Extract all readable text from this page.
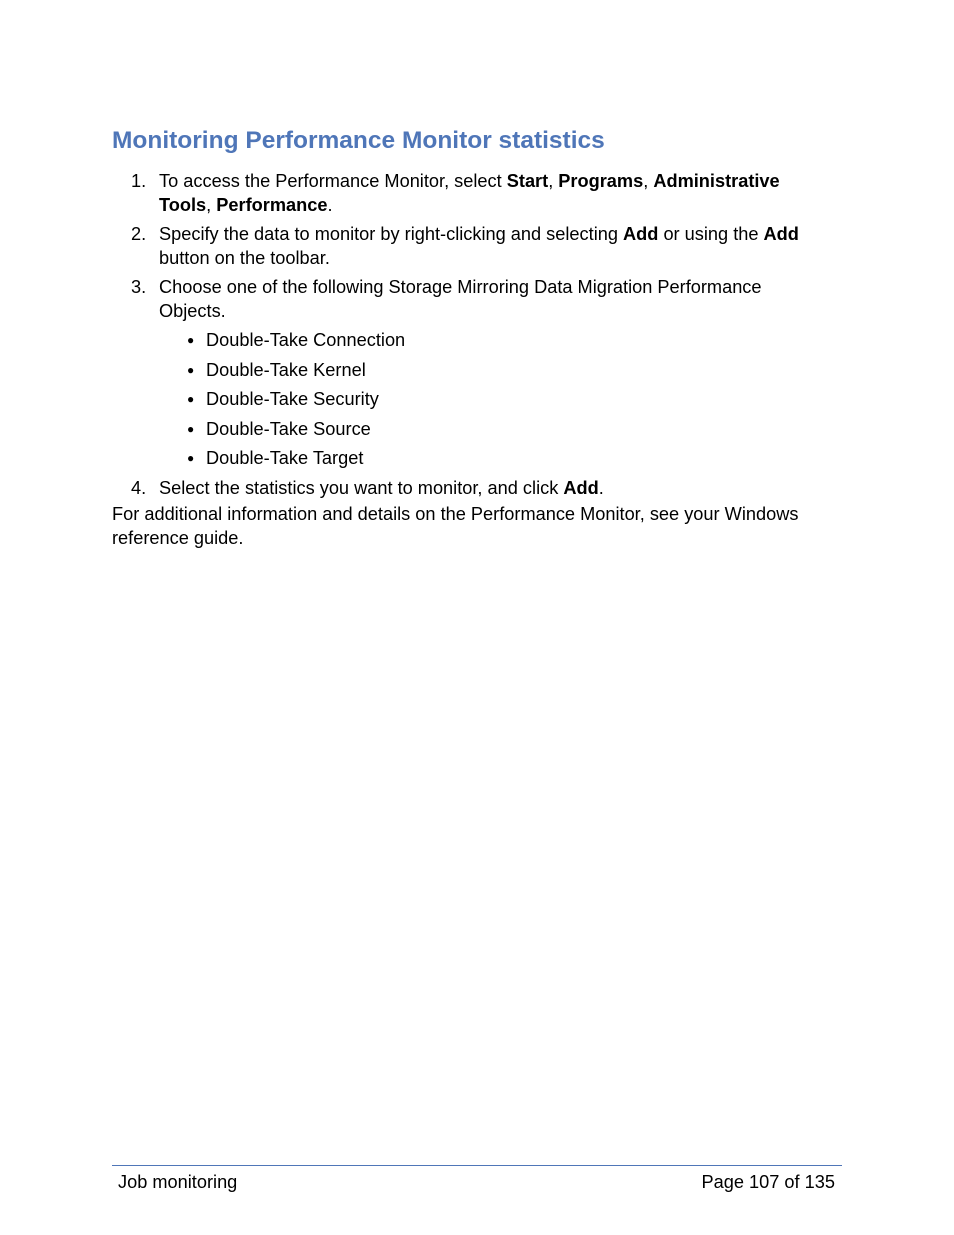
Monitoring Performance Monitor statistics
1. To access the Performance Monitor, select Start, Programs, Administrative Tools, Performance.
2. Specify the data to monitor by right-clicking and selecting Add or using the Add button on the toolbar.
3. Choose one of the following Storage Mirroring Data Migration Performance Objects.
● Double-Take Connection
● Double-Take Kernel
● Double-Take Security
● Double-Take Source
● Double-Take Target
4. Select the statistics you want to monitor, and click Add.

For additional information and details on the Performance Monitor, see your Windows reference guide.

Job monitoring	Page 107 of 135
